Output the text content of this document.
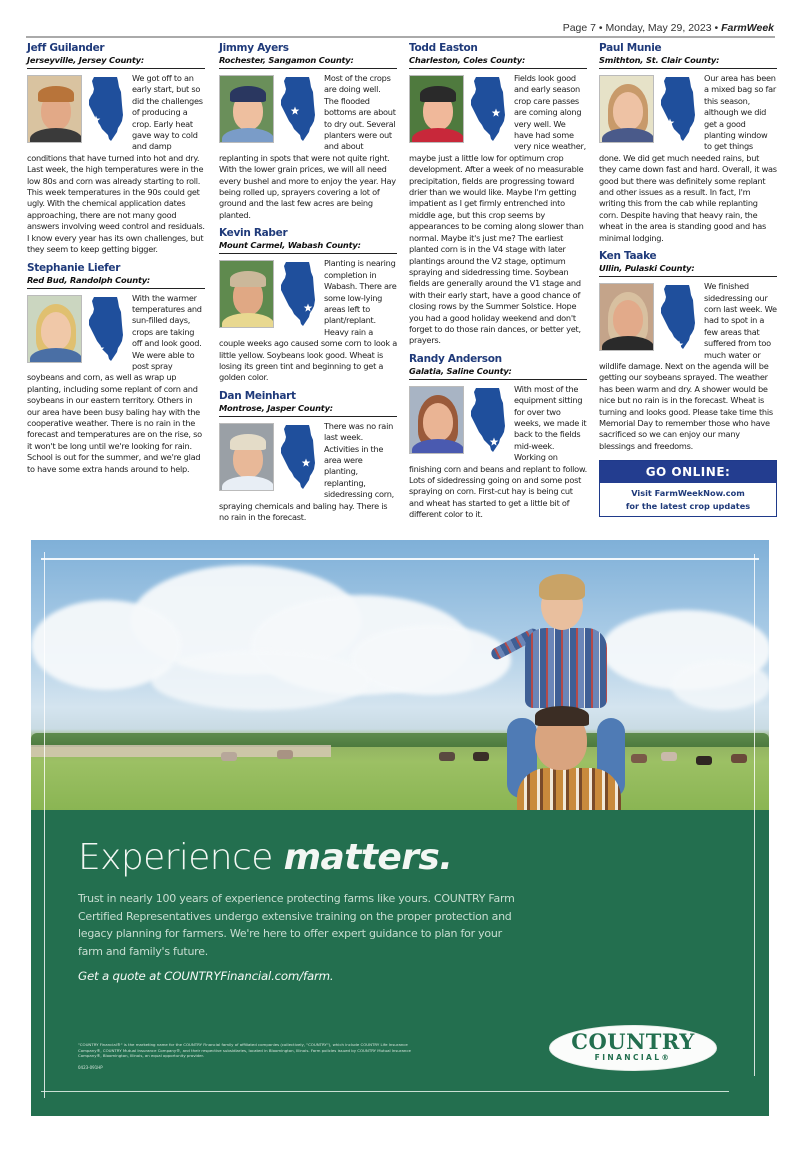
Page 7 • Monday, May 29, 2023 • FarmWeek
Jeff Guilander
Jerseyville, Jersey County:
We got off to an early start, but so did the challenges of producing a crop. Early heat gave way to cold and damp conditions that have turned into hot and dry. Last week, the high temperatures were in the low 80s and corn was already starting to roll. This week temperatures in the 90s could get ugly. With the chemical application dates approaching, there are not many good answers involving weed control and residuals. I know every year has its own challenges, but they seem to keep getting bigger.
Stephanie Liefer
Red Bud, Randolph County:
With the warmer temperatures and sun-filled days, crops are taking off and look good. We were able to post spray soybeans and corn, as well as wrap up planting, including some replant of corn and soybeans in our eastern territory. Others in our area have been busy baling hay with the cooperative weather. There is no rain in the forecast and temperatures are on the rise, so it won't be long until we're looking for rain. School is out for the summer, and we're glad to have some extra hands around to help.
Jimmy Ayers
Rochester, Sangamon County:
Most of the crops are doing well. The flooded bottoms are about to dry out. Several planters were out and about replanting in spots that were not quite right. With the lower grain prices, we will all need every bushel and more to enjoy the year. Hay being rolled up, sprayers covering a lot of ground and the last few acres are being planted.
Kevin Raber
Mount Carmel, Wabash County:
Planting is nearing completion in Wabash. There are some low-lying areas left to plant/replant. Heavy rain a couple weeks ago caused some corn to look a little yellow. Soybeans look good. Wheat is losing its green tint and beginning to get a golden color.
Dan Meinhart
Montrose, Jasper County:
There was no rain last week. Activities in the area were planting, replanting, sidedressing corn, spraying chemicals and baling hay. There is no rain in the forecast.
Todd Easton
Charleston, Coles County:
Fields look good and early season crop care passes are coming along very well. We have had some very nice weather, maybe just a little low for optimum crop development. After a week of no measurable precipitation, fields are progressing toward drier than we would like. Maybe I'm getting impatient as I get firmly entrenched into middle age, but this crop seems by appearances to be coming along slower than normal. Maybe it's just me? The earliest planted corn is in the V4 stage with later plantings around the V2 stage, optimum spraying and sidedressing time. Soybean fields are generally around the V1 stage and with their early start, have a good chance of closing rows by the Summer Solstice. Hope you had a good holiday weekend and don't forget to do those rain dances, or better yet, prayers.
Randy Anderson
Galatia, Saline County:
With most of the equipment sitting for over two weeks, we made it back to the fields mid-week. Working on finishing corn and beans and replant to follow. Lots of sidedressing going on and some post spraying on corn. First-cut hay is being cut and wheat has started to get a little bit of different color to it.
Paul Munie
Smithton, St. Clair County:
Our area has been a mixed bag so far this season, although we did get a good planting window to get things done. We did get much needed rains, but they came down fast and hard. Overall, it was good but there was definitely some replant and other issues as a result. In fact, I'm writing this from the cab while replanting corn. Despite having that heavy rain, the wheat in the area is standing good and has minimal lodging.
Ken Taake
Ullin, Pulaski County:
We finished sidedressing our corn last week. We had to spot in a few areas that suffered from too much water or wildlife damage. Next on the agenda will be getting our soybeans sprayed. The weather has been warm and dry. A shower would be nice but no rain is in the forecast. Wheat is turning and looks good. Please take time this Memorial Day to remember those who have sacrificed so we can enjoy our many blessings and freedoms.
GO ONLINE:
Visit FarmWeekNow.com
for the latest crop updates
Experience matters.
Trust in nearly 100 years of experience protecting farms like yours. COUNTRY Farm Certified Representatives undergo extensive training on the proper protection and legacy planning for farmers. We're here to offer expert guidance to plan for your farm and family's future.
Get a quote at COUNTRYFinancial.com/farm.
"COUNTRY Financial®" is the marketing name for the COUNTRY Financial family of affiliated companies (collectively, "COUNTRY"), which include COUNTRY Life Insurance Company®, COUNTRY Mutual Insurance Company®, and their respective subsidiaries, located in Bloomington, Illinois. Farm policies issued by COUNTRY Mutual Insurance Company®, Bloomington, Illinois, an equal opportunity provider.
0423-091HP
COUNTRY
FINANCIAL®
